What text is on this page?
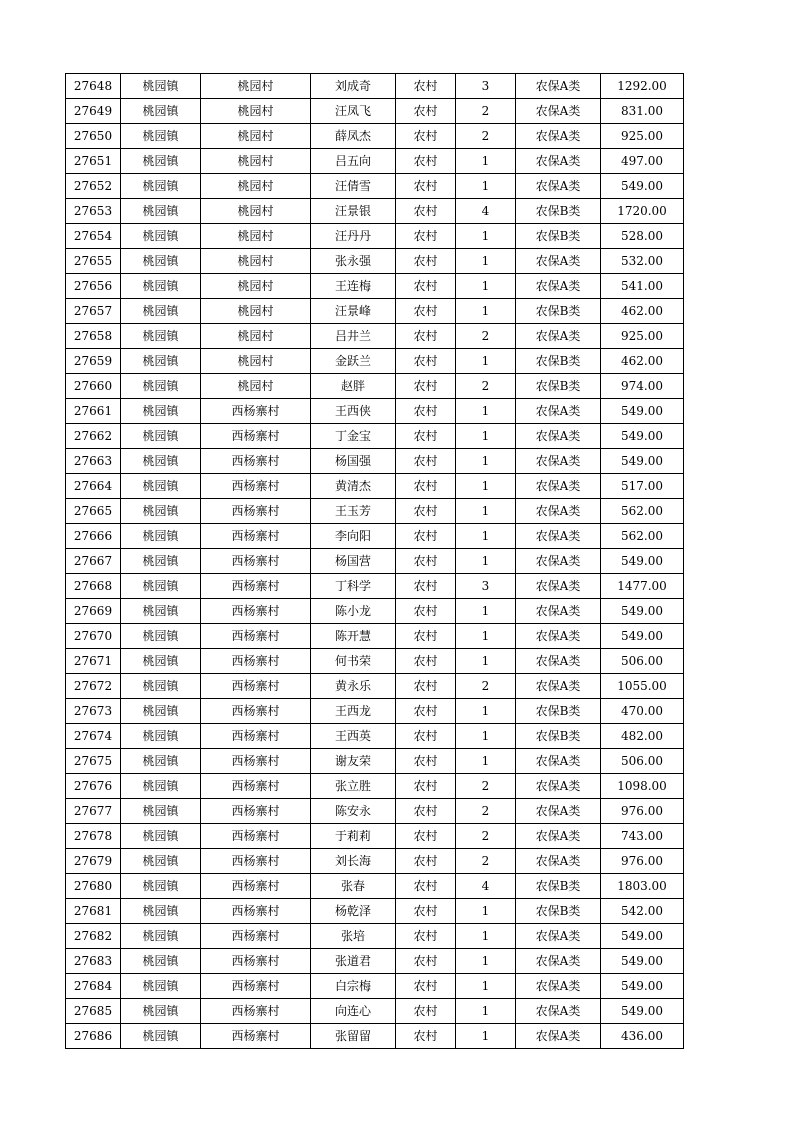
27648	桃园镇	桃园村	刘成奇	农村	3	农保A类	1292.00
27649	桃园镇	桃园村	汪凤飞	农村	2	农保A类	831.00
27650	桃园镇	桃园村	薛凤杰	农村	2	农保A类	925.00
27651	桃园镇	桃园村	吕五向	农村	1	农保A类	497.00
27652	桃园镇	桃园村	汪倩雪	农村	1	农保A类	549.00
27653	桃园镇	桃园村	汪景银	农村	4	农保B类	1720.00
27654	桃园镇	桃园村	汪丹丹	农村	1	农保B类	528.00
27655	桃园镇	桃园村	张永强	农村	1	农保A类	532.00
27656	桃园镇	桃园村	王连梅	农村	1	农保A类	541.00
27657	桃园镇	桃园村	汪景峰	农村	1	农保B类	462.00
27658	桃园镇	桃园村	吕井兰	农村	2	农保A类	925.00
27659	桃园镇	桃园村	金跃兰	农村	1	农保B类	462.00
27660	桃园镇	桃园村	赵胖	农村	2	农保B类	974.00
27661	桃园镇	西杨寨村	王西侠	农村	1	农保A类	549.00
27662	桃园镇	西杨寨村	丁金宝	农村	1	农保A类	549.00
27663	桃园镇	西杨寨村	杨国强	农村	1	农保A类	549.00
27664	桃园镇	西杨寨村	黄清杰	农村	1	农保A类	517.00
27665	桃园镇	西杨寨村	王玉芳	农村	1	农保A类	562.00
27666	桃园镇	西杨寨村	李向阳	农村	1	农保A类	562.00
27667	桃园镇	西杨寨村	杨国营	农村	1	农保A类	549.00
27668	桃园镇	西杨寨村	丁科学	农村	3	农保A类	1477.00
27669	桃园镇	西杨寨村	陈小龙	农村	1	农保A类	549.00
27670	桃园镇	西杨寨村	陈开慧	农村	1	农保A类	549.00
27671	桃园镇	西杨寨村	何书荣	农村	1	农保A类	506.00
27672	桃园镇	西杨寨村	黄永乐	农村	2	农保A类	1055.00
27673	桃园镇	西杨寨村	王西龙	农村	1	农保B类	470.00
27674	桃园镇	西杨寨村	王西英	农村	1	农保B类	482.00
27675	桃园镇	西杨寨村	谢友荣	农村	1	农保A类	506.00
27676	桃园镇	西杨寨村	张立胜	农村	2	农保A类	1098.00
27677	桃园镇	西杨寨村	陈安永	农村	2	农保A类	976.00
27678	桃园镇	西杨寨村	于莉莉	农村	2	农保A类	743.00
27679	桃园镇	西杨寨村	刘长海	农村	2	农保A类	976.00
27680	桃园镇	西杨寨村	张春	农村	4	农保B类	1803.00
27681	桃园镇	西杨寨村	杨乾泽	农村	1	农保B类	542.00
27682	桃园镇	西杨寨村	张培	农村	1	农保A类	549.00
27683	桃园镇	西杨寨村	张道君	农村	1	农保A类	549.00
27684	桃园镇	西杨寨村	白宗梅	农村	1	农保A类	549.00
27685	桃园镇	西杨寨村	向连心	农村	1	农保A类	549.00
27686	桃园镇	西杨寨村	张留留	农村	1	农保A类	436.00
